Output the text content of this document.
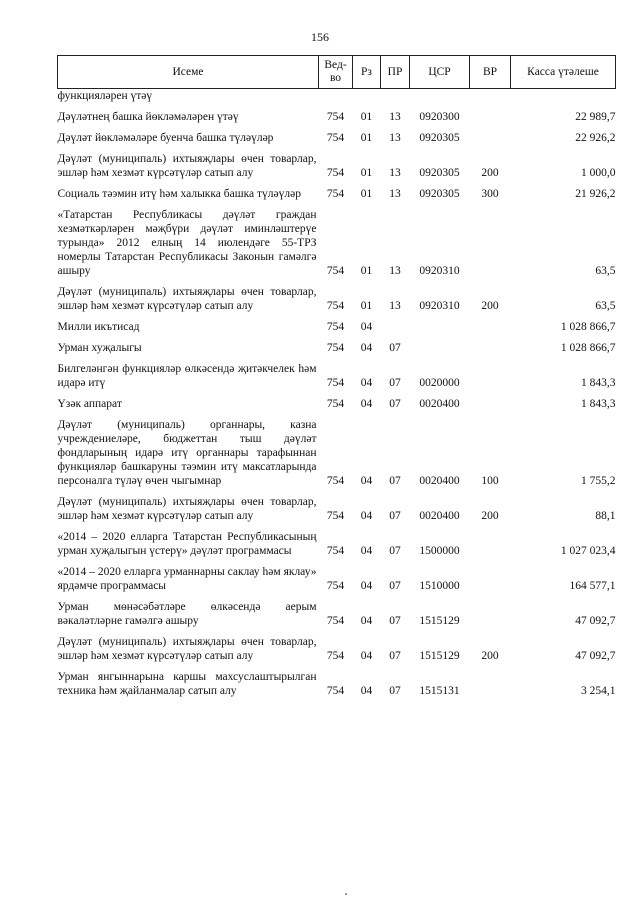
156
Исеме	Вед-во	Рз	ПР	ЦСР	ВР	Касса үтәлеше
функцияләрен үтәү						
Дәүләтнең башка йөкләмәләрен үтәү	754	01	13	0920300		22 989,7
Дәүләт йөкләмәләре буенча башка түләүләр	754	01	13	0920305		22 926,2
Дәүләт (муниципаль) ихтыяҗлары өчен товарлар, эшләр һәм хезмәт күрсәтүләр сатып алу	754	01	13	0920305	200	1 000,0
Социаль тәэмин итү һәм халыкка башка түләүләр	754	01	13	0920305	300	21 926,2
«Татарстан Республикасы дәүләт граждан хезмәткәрләрен мәҗбүри дәүләт иминләштерүе турында» 2012 елның 14 июлендәге 55-ТРЗ номерлы Татарстан Республикасы Законын гамәлгә ашыру	754	01	13	0920310		63,5
Дәүләт (муниципаль) ихтыяҗлары өчен товарлар, эшләр һәм хезмәт күрсәтүләр сатып алу	754	01	13	0920310	200	63,5
Милли икътисад	754	04				1 028 866,7
Урман хуҗалыгы	754	04	07			1 028 866,7
Билгеләнгән функцияләр өлкәсендә җитәкчелек һәм идарә итү	754	04	07	0020000		1 843,3
Үзәк аппарат	754	04	07	0020400		1 843,3
Дәүләт (муниципаль) органнары, казна учреждениеләре, бюджеттан тыш дәүләт фондларының идарә итү органнары тарафыннан функцияләр башкаруны тәэмин итү максатларында персоналга түләү өчен чыгымнар	754	04	07	0020400	100	1 755,2
Дәүләт (муниципаль) ихтыяҗлары өчен товарлар, эшләр һәм хезмәт күрсәтүләр сатып алу	754	04	07	0020400	200	88,1
«2014 – 2020 елларга Татарстан Республикасының урман хуҗалыгын үстерү» дәүләт программасы	754	04	07	1500000		1 027 023,4
«2014 – 2020 елларга урманнарны саклау һәм яклау» ярдәмче программасы	754	04	07	1510000		164 577,1
Урман мөнәсәбәтләре өлкәсендә аерым вәкаләтләрне гамәлгә ашыру	754	04	07	1515129		47 092,7
Дәүләт (муниципаль) ихтыяҗлары өчен товарлар, эшләр һәм хезмәт күрсәтүләр сатып алу	754	04	07	1515129	200	47 092,7
Урман янгыннарына каршы махсуслаштырылган техника һәм җайланмалар сатып алу	754	04	07	1515131		3 254,1
